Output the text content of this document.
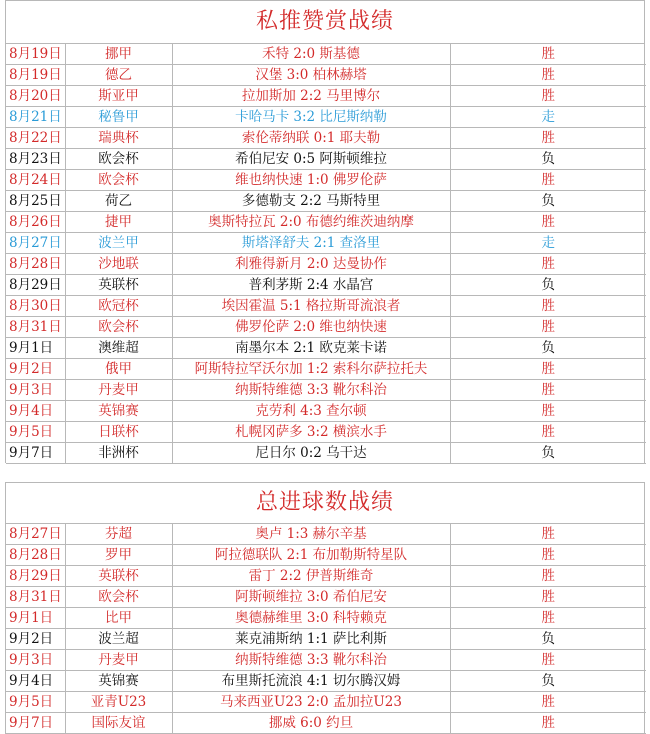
私推赞赏战绩
8月19日	挪甲	禾特 2:0 斯基德	胜
8月19日	德乙	汉堡 3:0 柏林赫塔	胜
8月20日	斯亚甲	拉加斯加 2:2 马里博尔	胜
8月21日	秘鲁甲	卡哈马卡 3:2 比尼斯纳勒	走
8月22日	瑞典杯	索伦蒂纳联 0:1 耶夫勒	胜
8月23日	欧会杯	希伯尼安 0:5 阿斯顿维拉	负
8月24日	欧会杯	维也纳快速 1:0 佛罗伦萨	胜
8月25日	荷乙	多德勒支 2:2 马斯特里	负
8月26日	捷甲	奥斯特拉瓦 2:0 布德约维茨迪纳摩	胜
8月27日	波兰甲	斯塔泽舒夫 2:1 查洛里	走
8月28日	沙地联	利雅得新月 2:0 达曼协作	胜
8月29日	英联杯	普利茅斯 2:4 水晶宫	负
8月30日	欧冠杯	埃因霍温 5:1 格拉斯哥流浪者	胜
8月31日	欧会杯	佛罗伦萨 2:0 维也纳快速	胜
9月1日	澳维超	南墨尔本 2:1 欧克莱卡诺	负
9月2日	俄甲	阿斯特拉罕沃尔加 1:2 索科尔萨拉托夫	胜
9月3日	丹麦甲	纳斯特维德 3:3 靴尔科治	胜
9月4日	英锦赛	克劳利 4:3 查尔顿	胜
9月5日	日联杯	札幌冈萨多 3:2 横滨水手	胜
9月7日	非洲杯	尼日尔 0:2 乌干达	负
总进球数战绩
8月27日	芬超	奥卢 1:3 赫尔辛基	胜
8月28日	罗甲	阿拉德联队 2:1 布加勒斯特星队	胜
8月29日	英联杯	雷丁 2:2 伊普斯维奇	胜
8月31日	欧会杯	阿斯顿维拉 3:0 希伯尼安	胜
9月1日	比甲	奥德赫维里 3:0 科特赖克	胜
9月2日	波兰超	莱克浦斯纳 1:1 萨比利斯	负
9月3日	丹麦甲	纳斯特维德 3:3 靴尔科治	胜
9月4日	英锦赛	布里斯托流浪 4:1 切尔腾汉姆	负
9月5日	亚青U23	马来西亚U23 2:0 孟加拉U23	胜
9月7日	国际友谊	挪威 6:0 约旦	胜
